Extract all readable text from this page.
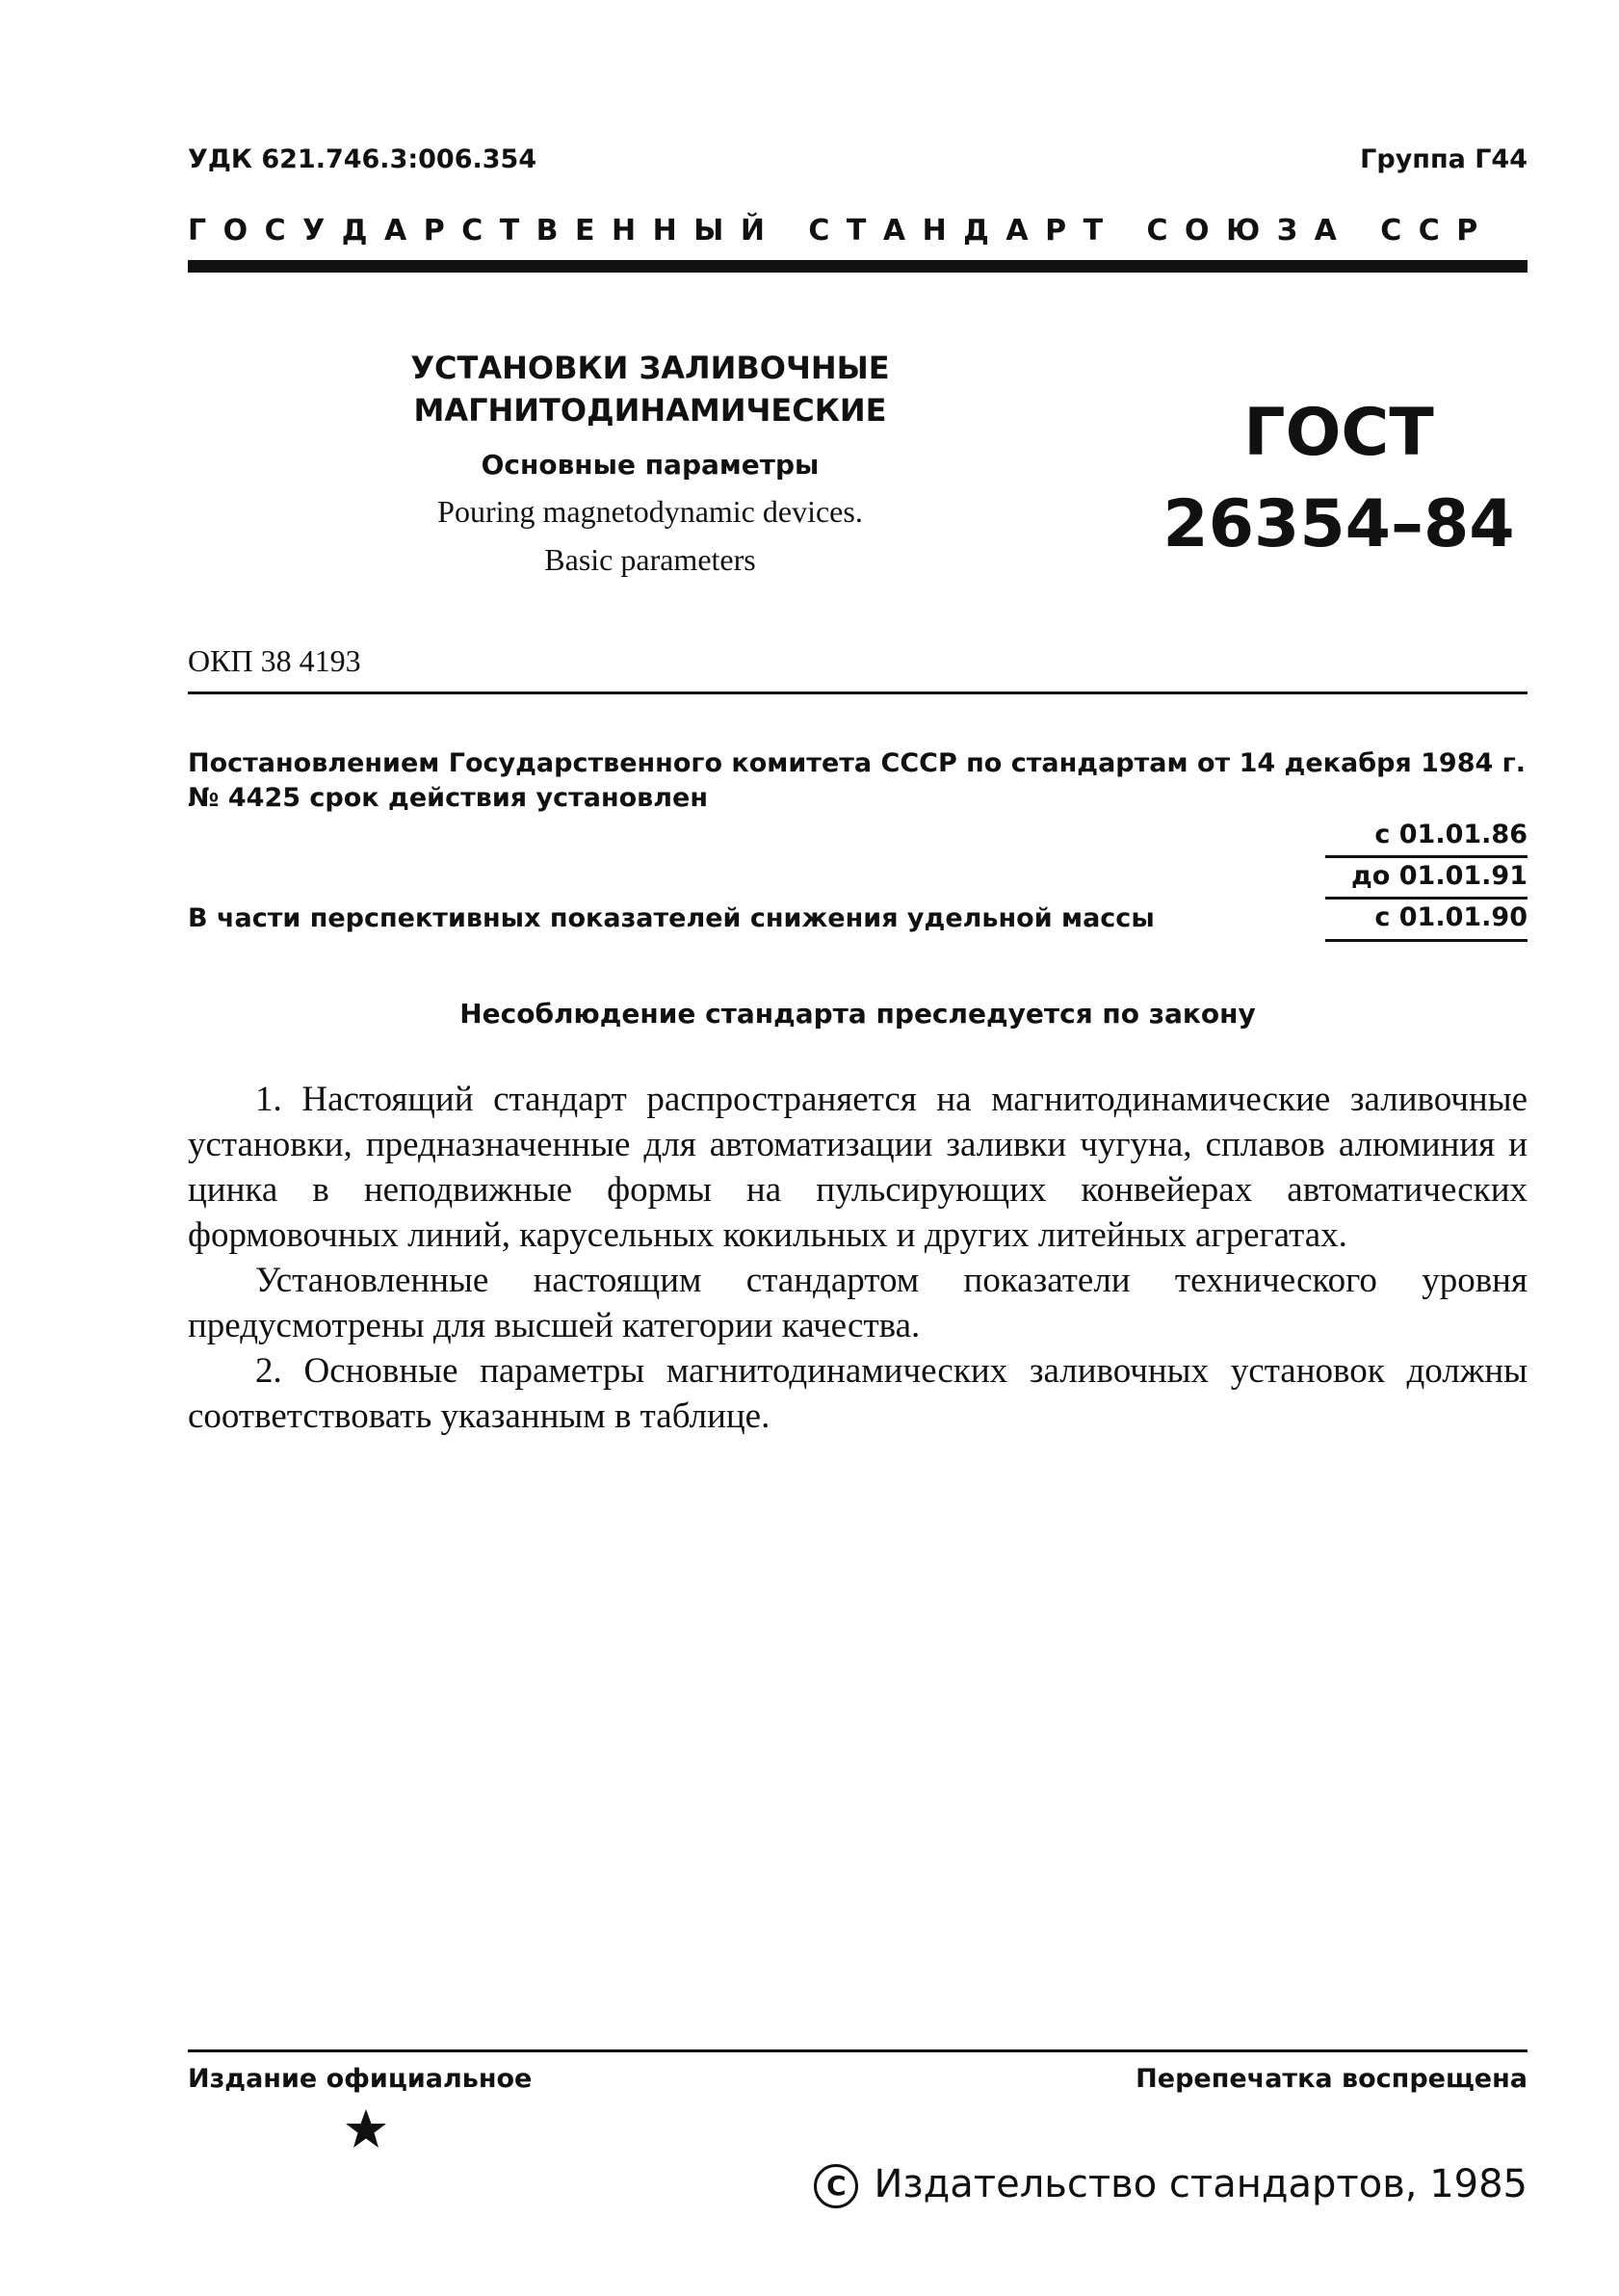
УДК 621.746.3:006.354	Группа Г44
ГОСУДАРСТВЕННЫЙ СТАНДАРТ СОЮЗА ССР
УСТАНОВКИ ЗАЛИВОЧНЫЕ
МАГНИТОДИНАМИЧЕСКИЕ
Основные параметры
Pouring magnetodynamic devices.
Basic parameters
ГОСТ
26354–84
ОКП 38 4193
Постановлением Государственного комитета СССР по стандартам от 14 декабря 1984 г. № 4425 срок действия установлен
с 01.01.86
до 01.01.91
В части перспективных показателей снижения удельной массы	с 01.01.90
Несоблюдение стандарта преследуется по закону

1. Настоящий стандарт распространяется на магнитодинамические заливочные установки, предназначенные для автоматизации заливки чугуна, сплавов алюминия и цинка в неподвижные формы на пульсирующих конвейерах автоматических формовочных линий, карусельных кокильных и других литейных агрегатах.

Установленные настоящим стандартом показатели технического уровня предусмотрены для высшей категории качества.

2. Основные параметры магнитодинамических заливочных установок должны соответствовать указанным в таблице.

Издание официальное	Перепечатка воспрещена
C Издательство стандартов, 1985
